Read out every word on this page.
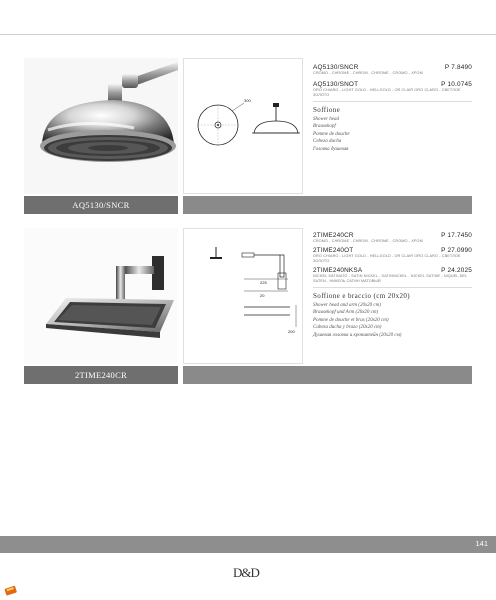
AQ5130/SNCR
300
AQ5130/SNCR	P 7.8490
CROMO - CHROME - CHROM - CHROME - CROMO - XPOM
AQ5130/SNOT	P 10.0745
ORO CHIARO - LIGHT GOLD - HELLGOLD - OR CLAIR ORO CLARO - CBETЛOE 3OЛOTO
Soffione
Shower head
Brausekopf
Pomme de douche
Cebeza ducha
Головка душевая
2TIME240CR
225
20
200
2TIME240CR	P 17.7450
CROMO - CHROME - CHROM - CHROME - CROMO - XPOM
2TIME240OT	P 27.0990
ORO CHIARO - LIGHT GOLD - HELLGOLD - OR CLAIR ORO CLARO - CBETЛOE 3OЛOTO
2TIME240NKSA	P 24.2025
NICKEL SATINATO - SATIN NICKEL - SATINNICKEL - NICKEL SATINE - NIQUEL DEL SATEN - НИКЕЛЬ САТИН МАТОВЫЙ
Soffione e braccio (cm 20x20)
Shower head and arm (20x20 cm)
Brausekopf und Arm (20x20 cm)
Pomme de douche et bras (20x20 cm)
Cabeza ducha y brazo (20x20 cm)
Душевая головка и кронштейн (20x20 см)
141
D&D
